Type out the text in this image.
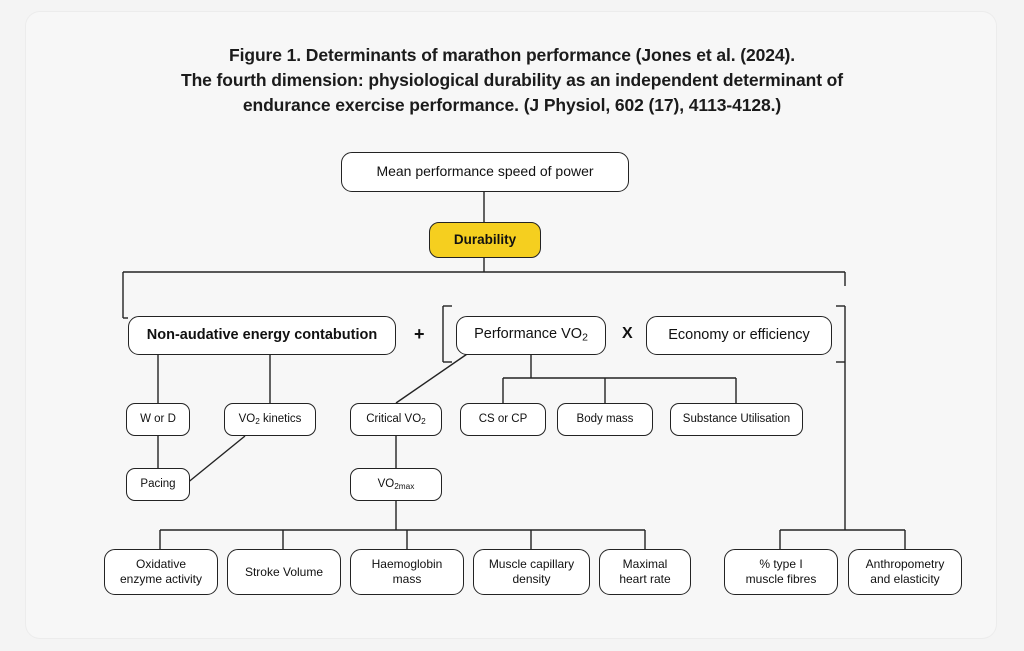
Figure 1. Determinants of marathon performance (Jones et al. (2024).
The fourth dimension: physiological durability as an independent determinant of
endurance exercise performance. (J Physiol, 602 (17), 4113-4128.)
Mean performance speed of power
Durability
Non-audative energy contabution +	Performance $VO_2$ X Economy or efficiency
W or D	$VO_2$ kinetics	Critical $VO_2$	CS or CP	Body mass	Substance Utilisation
Pacing	$VO_{2max}$
Oxidative
enzyme activity
Stroke Volume
Haemoglobin
mass
Muscle capillary
density
Maximal
heart rate
% type I
muscle fibres
Anthropometry
and elasticity
